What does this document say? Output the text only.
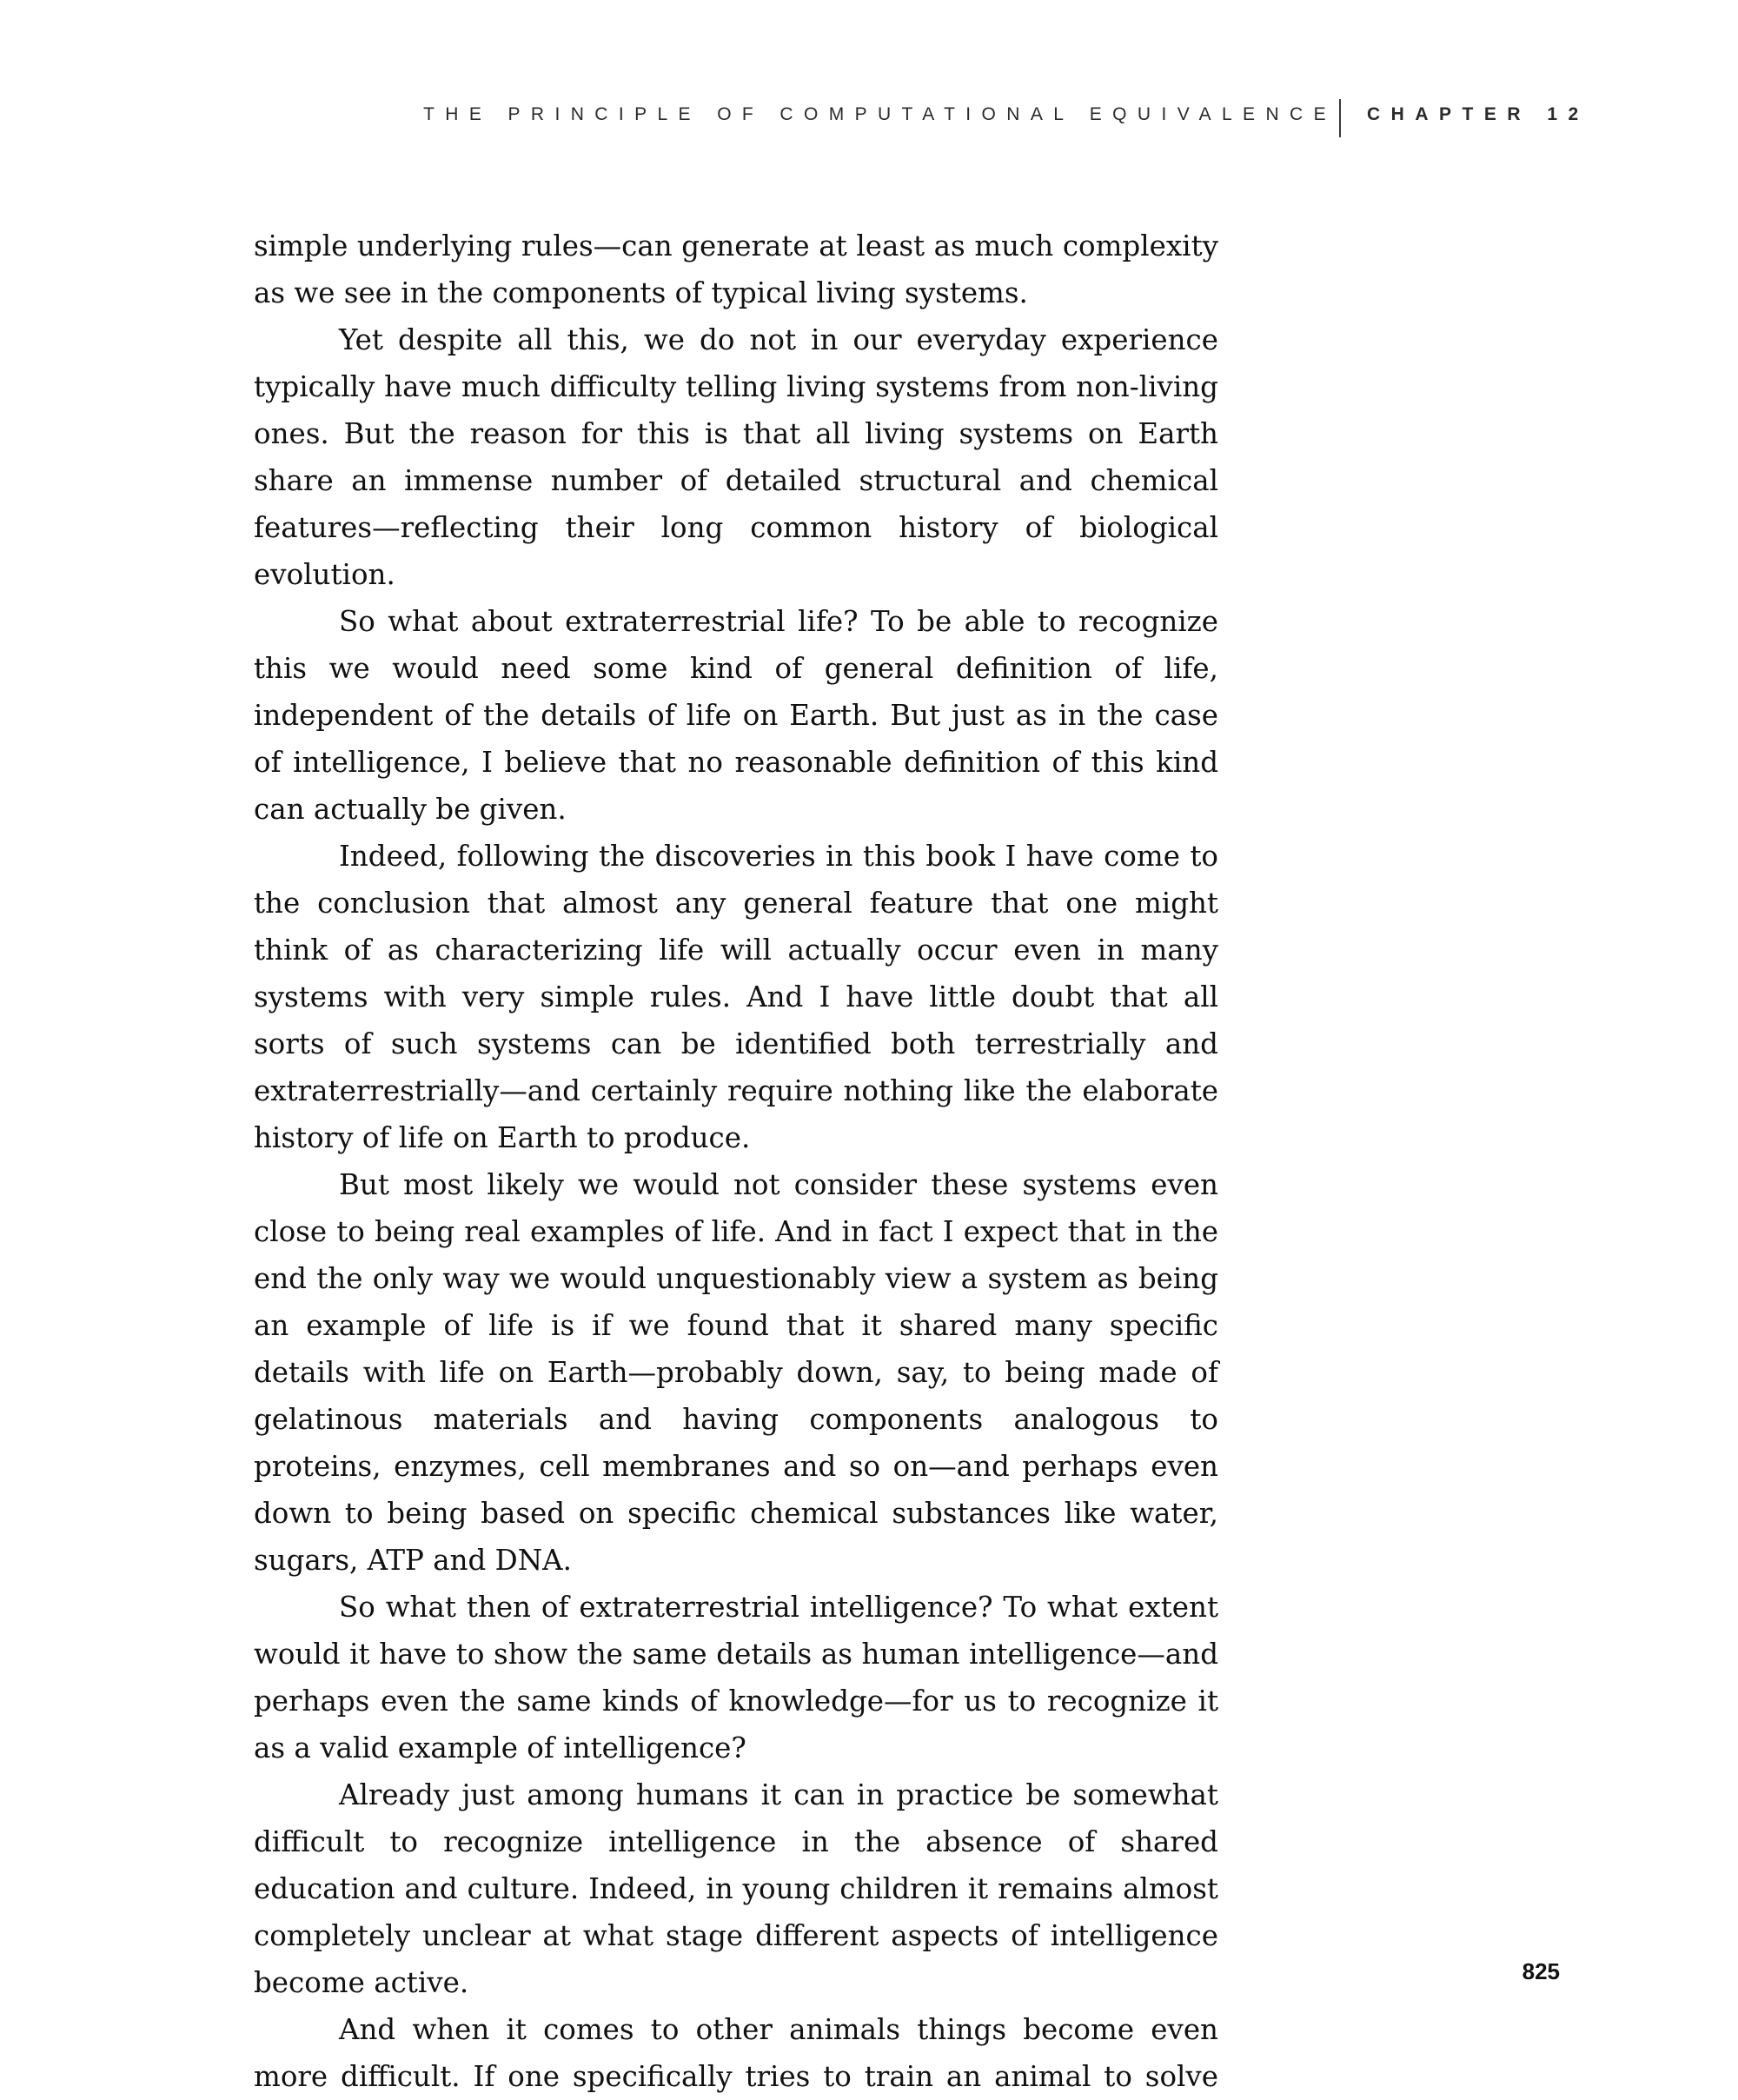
THE PRINCIPLE OF COMPUTATIONAL EQUIVALENCE CHAPTER 12

simple underlying rules—can generate at least as much complexity as we see in the components of typical living systems.

Yet despite all this, we do not in our everyday experience typically have much difficulty telling living systems from non-living ones. But the reason for this is that all living systems on Earth share an immense number of detailed structural and chemical features—reflecting their long common history of biological evolution.

So what about extraterrestrial life? To be able to recognize this we would need some kind of general definition of life, independent of the details of life on Earth. But just as in the case of intelligence, I believe that no reasonable definition of this kind can actually be given.

Indeed, following the discoveries in this book I have come to the conclusion that almost any general feature that one might think of as characterizing life will actually occur even in many systems with very simple rules. And I have little doubt that all sorts of such systems can be identified both terrestrially and extraterrestrially—and certainly require nothing like the elaborate history of life on Earth to produce.

But most likely we would not consider these systems even close to being real examples of life. And in fact I expect that in the end the only way we would unquestionably view a system as being an example of life is if we found that it shared many specific details with life on Earth—probably down, say, to being made of gelatinous materials and having components analogous to proteins, enzymes, cell membranes and so on—and perhaps even down to being based on specific chemical substances like water, sugars, ATP and DNA.

So what then of extraterrestrial intelligence? To what extent would it have to show the same details as human intelligence—and perhaps even the same kinds of knowledge—for us to recognize it as a valid example of intelligence?

Already just among humans it can in practice be somewhat difficult to recognize intelligence in the absence of shared education and culture. Indeed, in young children it remains almost completely unclear at what stage different aspects of intelligence become active.

And when it comes to other animals things become even more difficult. If one specifically tries to train an animal to solve

825
